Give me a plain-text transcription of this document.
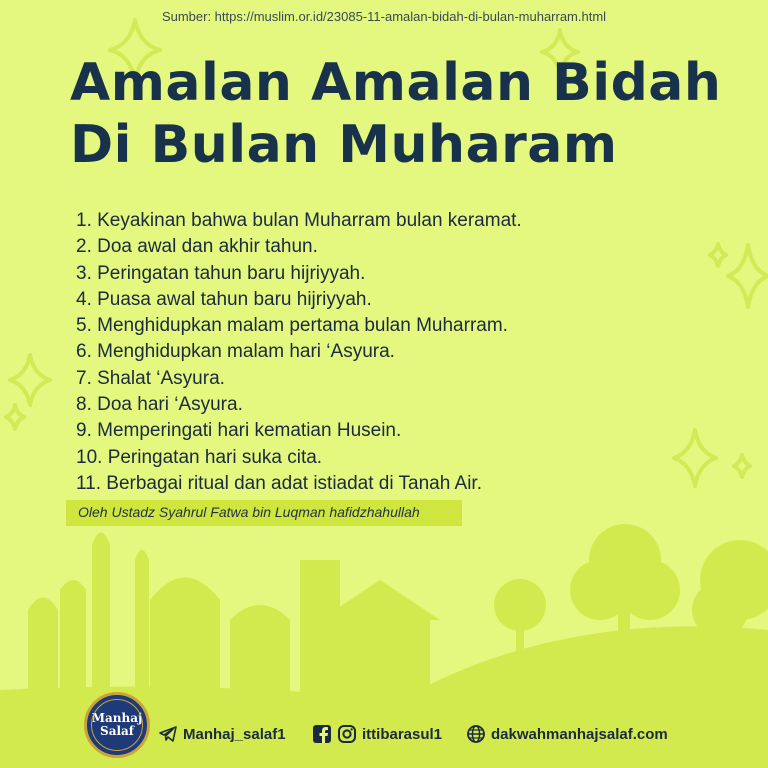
Sumber: https://muslim.or.id/23085-11-amalan-bidah-di-bulan-muharram.html
Amalan Amalan Bidah
Di Bulan Muharam
1. Keyakinan bahwa bulan Muharram bulan keramat.
2. Doa awal dan akhir tahun.
3. Peringatan tahun baru hijriyyah.
4. Puasa awal tahun baru hijriyyah.
5. Menghidupkan malam pertama bulan Muharram.
6. Menghidupkan malam hari ‘Asyura.
7. Shalat ‘Asyura.
8. Doa hari ‘Asyura.
9. Memperingati hari kematian Husein.
10. Peringatan hari suka cita.
11. Berbagai ritual dan adat istiadat di Tanah Air.
Oleh Ustadz Syahrul Fatwa bin Luqman hafidzhahullah
Manhaj
Salaf	Manhaj_salaf1	ittibarasul1	dakwahmanhajsalaf.com
